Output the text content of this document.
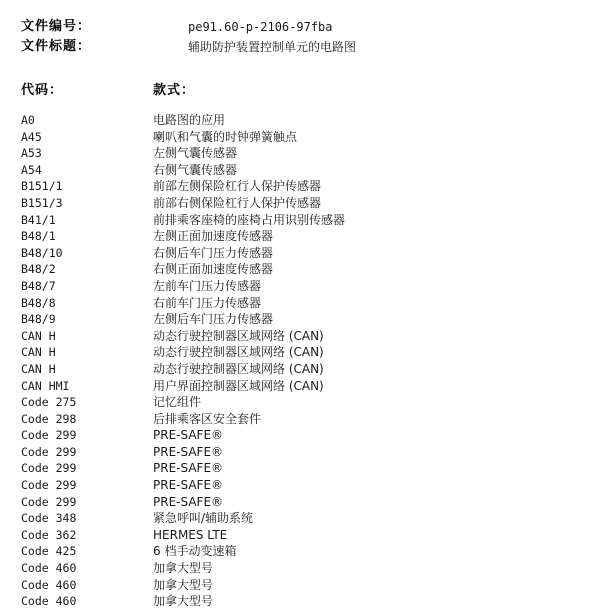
文件编号：	pe91.60-p-2106-97fba
文件标题：	辅助防护装置控制单元的电路图
代码：	款式：
A0	电路图的应用
A45	喇叭和气囊的时钟弹簧触点
A53	左侧气囊传感器
A54	右侧气囊传感器
B151/1	前部左侧保险杠行人保护传感器
B151/3	前部右侧保险杠行人保护传感器
B41/1	前排乘客座椅的座椅占用识别传感器
B48/1	左侧正面加速度传感器
B48/10	右侧后车门压力传感器
B48/2	右侧正面加速度传感器
B48/7	左前车门压力传感器
B48/8	右前车门压力传感器
B48/9	左侧后车门压力传感器
CAN H	动态行驶控制器区域网络 (CAN)
CAN H	动态行驶控制器区域网络 (CAN)
CAN H	动态行驶控制器区域网络 (CAN)
CAN HMI	用户界面控制器区域网络 (CAN)
Code 275	记忆组件
Code 298	后排乘客区安全套件
Code 299	PRE-SAFE®
Code 299	PRE-SAFE®
Code 299	PRE-SAFE®
Code 299	PRE-SAFE®
Code 299	PRE-SAFE®
Code 348	紧急呼叫/辅助系统
Code 362	HERMES LTE
Code 425	6 档手动变速箱
Code 460	加拿大型号
Code 460	加拿大型号
Code 460	加拿大型号
